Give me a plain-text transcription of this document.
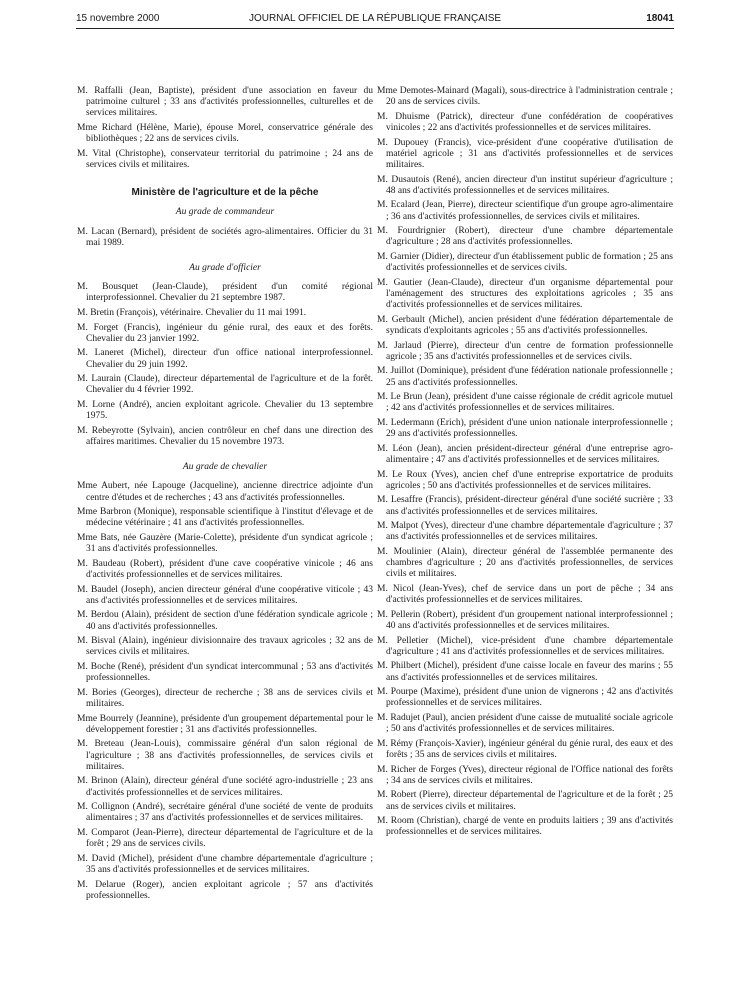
15 novembre 2000	JOURNAL OFFICIEL DE LA RÉPUBLIQUE FRANÇAISE	18041

M. Raffalli (Jean, Baptiste), président d'une association en faveur du patrimoine culturel ; 33 ans d'activités professionnelles, culturelles et de services militaires.

Mme Richard (Hélène, Marie), épouse Morel, conservatrice générale des bibliothèques ; 22 ans de services civils.

M. Vital (Christophe), conservateur territorial du patrimoine ; 24 ans de services civils et militaires.

Ministère de l'agriculture et de la pêche
Au grade de commandeur

M. Lacan (Bernard), président de sociétés agro-alimentaires. Officier du 31 mai 1989.

Au grade d'officier

M. Bousquet (Jean-Claude), président d'un comité régional interprofessionnel. Chevalier du 21 septembre 1987.

M. Bretin (François), vétérinaire. Chevalier du 11 mai 1991.

M. Forget (Francis), ingénieur du génie rural, des eaux et des forêts. Chevalier du 23 janvier 1992.

M. Laneret (Michel), directeur d'un office national interprofessionnel. Chevalier du 29 juin 1992.

M. Laurain (Claude), directeur départemental de l'agriculture et de la forêt. Chevalier du 4 février 1992.

M. Lorne (André), ancien exploitant agricole. Chevalier du 13 septembre 1975.

M. Rebeyrotte (Sylvain), ancien contrôleur en chef dans une direction des affaires maritimes. Chevalier du 15 novembre 1973.

Au grade de chevalier

Mme Aubert, née Lapouge (Jacqueline), ancienne directrice adjointe d'un centre d'études et de recherches ; 43 ans d'activités professionnelles.

Mme Barbron (Monique), responsable scientifique à l'institut d'élevage et de médecine vétérinaire ; 41 ans d'activités professionnelles.

Mme Bats, née Gauzère (Marie-Colette), présidente d'un syndicat agricole ; 31 ans d'activités professionnelles.

M. Baudeau (Robert), président d'une cave coopérative vinicole ; 46 ans d'activités professionnelles et de services militaires.

M. Baudel (Joseph), ancien directeur général d'une coopérative viticole ; 43 ans d'activités professionnelles et de services militaires.

M. Berdou (Alain), président de section d'une fédération syndicale agricole ; 40 ans d'activités professionnelles.

M. Bisval (Alain), ingénieur divisionnaire des travaux agricoles ; 32 ans de services civils et militaires.

M. Boche (René), président d'un syndicat intercommunal ; 53 ans d'activités professionnelles.

M. Bories (Georges), directeur de recherche ; 38 ans de services civils et militaires.

Mme Bourrely (Jeannine), présidente d'un groupement départemental pour le développement forestier ; 31 ans d'activités professionnelles.

M. Breteau (Jean-Louis), commissaire général d'un salon régional de l'agriculture ; 38 ans d'activités professionnelles, de services civils et militaires.

M. Brinon (Alain), directeur général d'une société agro-industrielle ; 23 ans d'activités professionnelles et de services militaires.

M. Collignon (André), secrétaire général d'une société de vente de produits alimentaires ; 37 ans d'activités professionnelles et de services militaires.

M. Comparot (Jean-Pierre), directeur départemental de l'agriculture et de la forêt ; 29 ans de services civils.

M. David (Michel), président d'une chambre départementale d'agriculture ; 35 ans d'activités professionnelles et de services militaires.

M. Delarue (Roger), ancien exploitant agricole ; 57 ans d'activités professionnelles.

Mme Demotes-Mainard (Magali), sous-directrice à l'administration centrale ; 20 ans de services civils.

M. Dhuisme (Patrick), directeur d'une confédération de coopératives vinicoles ; 22 ans d'activités professionnelles et de services militaires.

M. Dupouey (Francis), vice-président d'une coopérative d'utilisation de matériel agricole ; 31 ans d'activités professionnelles et de services militaires.

M. Dusautois (René), ancien directeur d'un institut supérieur d'agriculture ; 48 ans d'activités professionnelles et de services militaires.

M. Ecalard (Jean, Pierre), directeur scientifique d'un groupe agro-alimentaire ; 36 ans d'activités professionnelles, de services civils et militaires.

M. Fourdrignier (Robert), directeur d'une chambre départementale d'agriculture ; 28 ans d'activités professionnelles.

M. Garnier (Didier), directeur d'un établissement public de formation ; 25 ans d'activités professionnelles et de services civils.

M. Gautier (Jean-Claude), directeur d'un organisme départemental pour l'aménagement des structures des exploitations agricoles ; 35 ans d'activités professionnelles et de services militaires.

M. Gerbault (Michel), ancien président d'une fédération départementale de syndicats d'exploitants agricoles ; 55 ans d'activités professionnelles.

M. Jarlaud (Pierre), directeur d'un centre de formation professionnelle agricole ; 35 ans d'activités professionnelles et de services civils.

M. Juillot (Dominique), président d'une fédération nationale professionnelle ; 25 ans d'activités professionnelles.

M. Le Brun (Jean), président d'une caisse régionale de crédit agricole mutuel ; 42 ans d'activités professionnelles et de services militaires.

M. Ledermann (Erich), président d'une union nationale interprofessionnelle ; 29 ans d'activités professionnelles.

M. Léon (Jean), ancien président-directeur général d'une entreprise agro-alimentaire ; 47 ans d'activités professionnelles et de services militaires.

M. Le Roux (Yves), ancien chef d'une entreprise exportatrice de produits agricoles ; 50 ans d'activités professionnelles et de services militaires.

M. Lesaffre (Francis), président-directeur général d'une société sucrière ; 33 ans d'activités professionnelles et de services militaires.

M. Malpot (Yves), directeur d'une chambre départementale d'agriculture ; 37 ans d'activités professionnelles et de services militaires.

M. Moulinier (Alain), directeur général de l'assemblée permanente des chambres d'agriculture ; 20 ans d'activités professionnelles, de services civils et militaires.

M. Nicol (Jean-Yves), chef de service dans un port de pêche ; 34 ans d'activités professionnelles et de services militaires.

M. Pellerin (Robert), président d'un groupement national interprofessionnel ; 40 ans d'activités professionnelles et de services militaires.

M. Pelletier (Michel), vice-président d'une chambre départementale d'agriculture ; 41 ans d'activités professionnelles et de services militaires.

M. Philbert (Michel), président d'une caisse locale en faveur des marins ; 55 ans d'activités professionnelles et de services militaires.

M. Pourpe (Maxime), président d'une union de vignerons ; 42 ans d'activités professionnelles et de services militaires.

M. Radujet (Paul), ancien président d'une caisse de mutualité sociale agricole ; 50 ans d'activités professionnelles et de services militaires.

M. Rémy (François-Xavier), ingénieur général du génie rural, des eaux et des forêts ; 35 ans de services civils et militaires.

M. Richer de Forges (Yves), directeur régional de l'Office national des forêts ; 34 ans de services civils et militaires.

M. Robert (Pierre), directeur départemental de l'agriculture et de la forêt ; 25 ans de services civils et militaires.

M. Room (Christian), chargé de vente en produits laitiers ; 39 ans d'activités professionnelles et de services militaires.
